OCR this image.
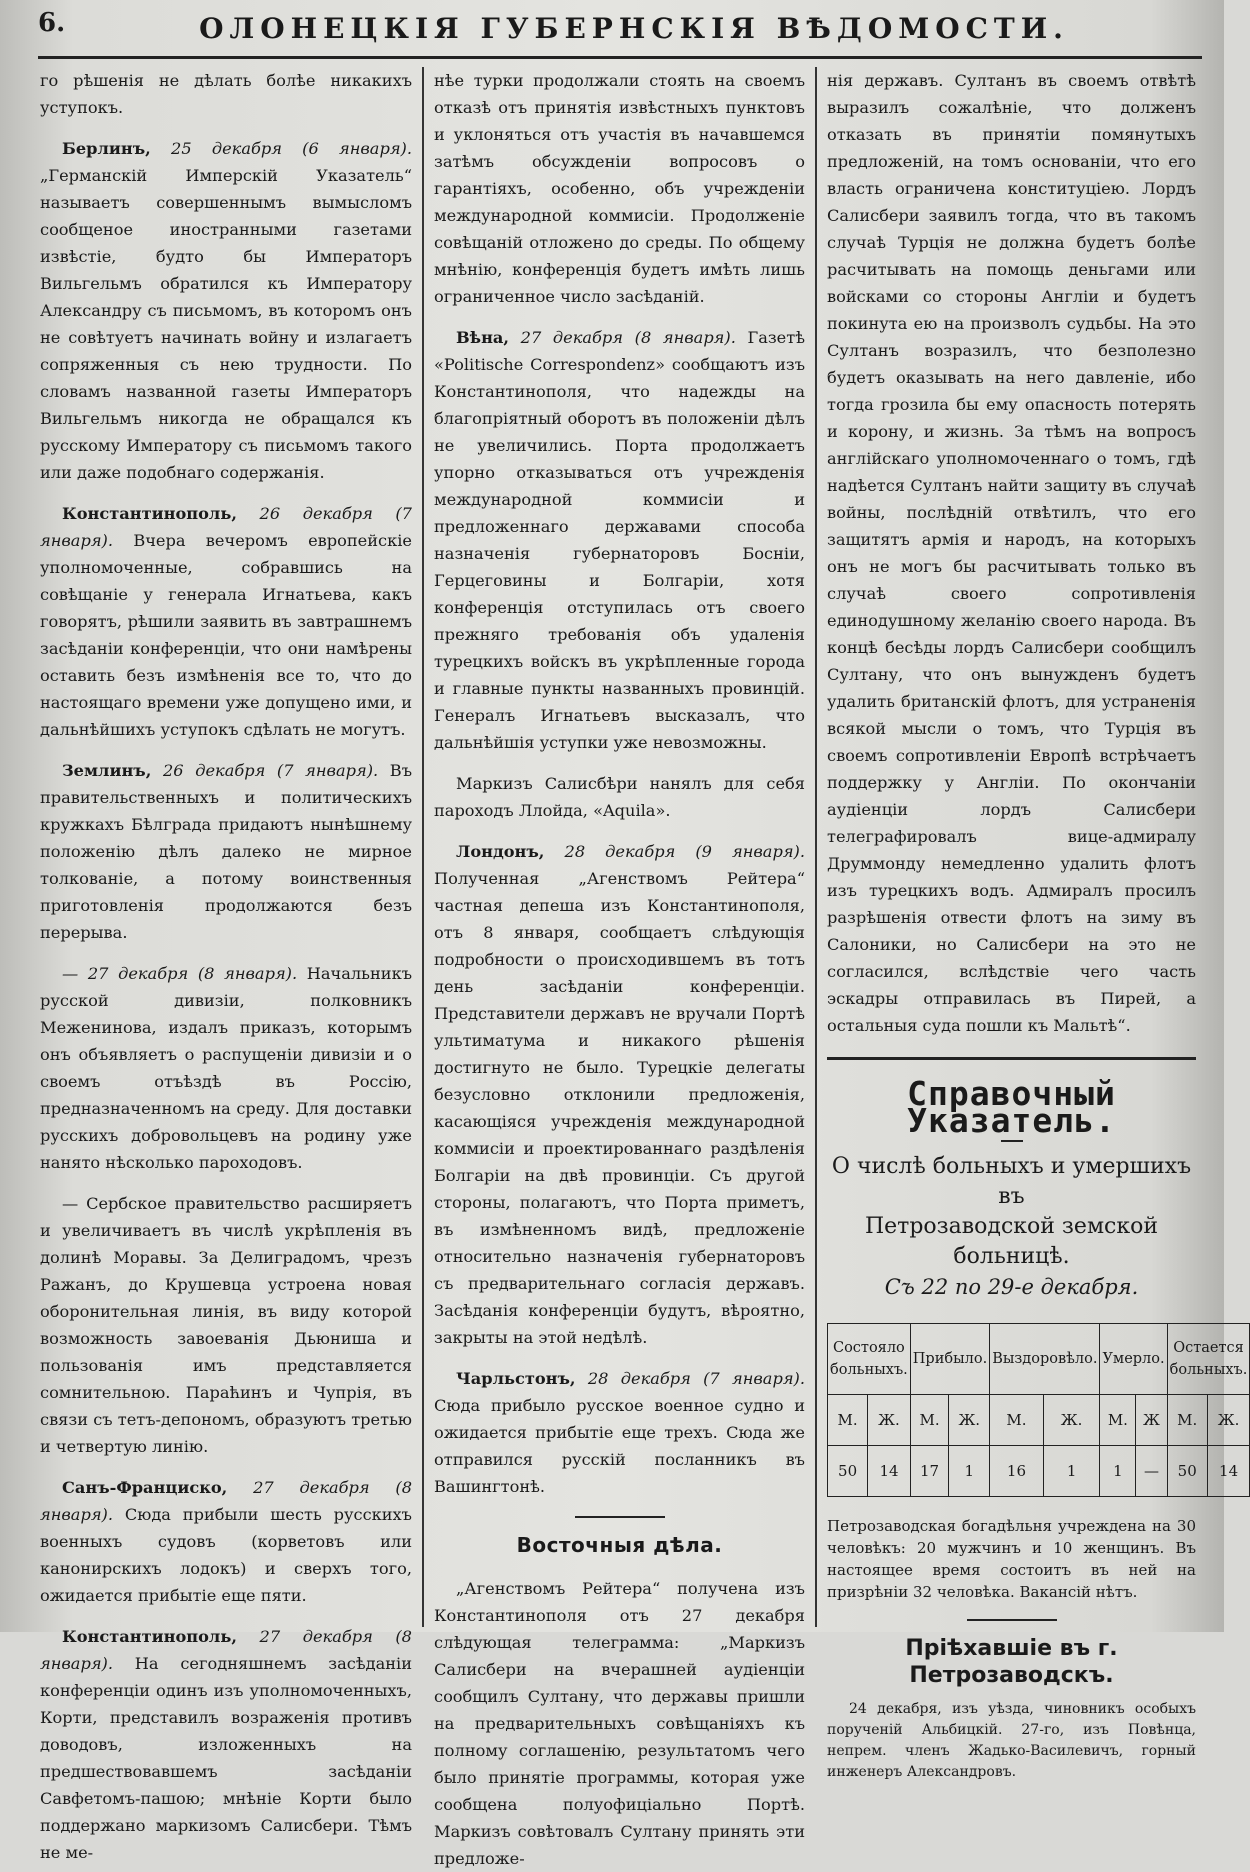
6.	ОЛОНЕЦКІЯ ГУБЕРНСКІЯ ВѢДОМОСТИ.

го рѣшенія не дѣлать болѣе никакихъ уступокъ.

Берлинъ, 25 декабря (6 января). „Германскій Имперскій Указатель“ называетъ совершеннымъ вымысломъ сообщеное иностранными газетами извѣстіе, будто бы Императоръ Вильгельмъ обратился къ Императору Александру съ письмомъ, въ которомъ онъ не совѣтуетъ начинать войну и излагаетъ сопряженныя съ нею трудности. По словамъ названной газеты Императоръ Вильгельмъ никогда не обращался къ русскому Императору съ письмомъ такого или даже подобнаго содержанія.

Константинополь, 26 декабря (7 января). Вчера вечеромъ европейскіе уполномоченные, собравшись на совѣщаніе у генерала Игнатьева, какъ говорятъ, рѣшили заявить въ завтрашнемъ засѣданіи конференціи, что они намѣрены оставить безъ измѣненія все то, что до настоящаго времени уже допущено ими, и дальнѣйшихъ уступокъ сдѣлать не могутъ.

Землинъ, 26 декабря (7 января). Въ правительственныхъ и политическихъ кружкахъ Бѣлграда придаютъ нынѣшнему положенію дѣлъ далеко не мирное толкованіе, а потому воинственныя приготовленія продолжаются безъ перерыва.

— 27 декабря (8 января). Начальникъ русской дивизіи, полковникъ Меженинова, издалъ приказъ, которымъ онъ объявляетъ о распущеніи дивизіи и о своемъ отъѣздѣ въ Россію, предназначенномъ на среду. Для доставки русскихъ добровольцевъ на родину уже нанято нѣсколько пароходовъ.

— Сербское правительство расширяетъ и увеличиваетъ въ числѣ укрѣпленія въ долинѣ Моравы. За Делиградомъ, чрезъ Ражанъ, до Крушевца устроена новая оборонительная линія, въ виду которой возможность завоеванія Дьюниша и пользованія имъ представляется сомнительною. Параћинъ и Чупрія, въ связи съ тетъ-депономъ, образуютъ третью и четвертую линію.

Санъ-Франциско, 27 декабря (8 января). Сюда прибыли шесть русскихъ военныхъ судовъ (корветовъ или канонирскихъ лодокъ) и сверхъ того, ожидается прибытіе еще пяти.

Константинополь, 27 декабря (8 января). На сегодняшнемъ засѣданіи конференціи одинъ изъ уполномоченныхъ, Корти, представилъ возраженія противъ доводовъ, изложенныхъ на предшествовавшемъ засѣданіи Савфетомъ-пашою; мнѣніе Корти было поддержано маркизомъ Салисбери. Тѣмъ не ме-

нѣе турки продолжали стоять на своемъ отказѣ отъ принятія извѣстныхъ пунктовъ и уклоняться отъ участія въ начавшемся затѣмъ обсужденіи вопросовъ о гарантіяхъ, особенно, объ учрежденіи международной коммисіи. Продолженіе совѣщаній отложено до среды. По общему мнѣнію, конференція будетъ имѣть лишь ограниченное число засѣданій.

Вѣна, 27 декабря (8 января). Газетѣ «Politische Correspondenz» сообщаютъ изъ Константинополя, что надежды на благопріятный оборотъ въ положеніи дѣлъ не увеличились. Порта продолжаетъ упорно отказываться отъ учрежденія международной коммисіи и предложеннаго державами способа назначенія губернаторовъ Босніи, Герцеговины и Болгаріи, хотя конференція отступилась отъ своего прежняго требованія объ удаленія турецкихъ войскъ въ укрѣпленные города и главные пункты названныхъ провинцій. Генералъ Игнатьевъ высказалъ, что дальнѣйшія уступки уже невозможны.

Маркизъ Салисбѣри нанялъ для себя пароходъ Ллойда, «Aquila».

Лондонъ, 28 декабря (9 января). Полученная „Агенствомъ Рейтера“ частная депеша изъ Константинополя, отъ 8 января, сообщаетъ слѣдующія подробности о происходившемъ въ тотъ день засѣданіи конференціи. Представители державъ не вручали Портѣ ультиматума и никакого рѣшенія достигнуто не было. Турецкіе делегаты безусловно отклонили предложенія, касающіяся учрежденія международной коммисіи и проектированнаго раздѣленія Болгаріи на двѣ провинціи. Съ другой стороны, полагаютъ, что Порта приметъ, въ измѣненномъ видѣ, предложеніе относительно назначенія губернаторовъ съ предварительнаго согласія державъ. Засѣданія конференціи будутъ, вѣроятно, закрыты на этой недѣлѣ.

Чарльстонъ, 28 декабря (7 января). Сюда прибыло русское военное судно и ожидается прибытіе еще трехъ. Сюда же отправился русскій посланникъ въ Вашингтонѣ.

Восточныя дѣла.

„Агенствомъ Рейтера“ получена изъ Константинополя отъ 27 декабря слѣдующая телеграмма: „Маркизъ Салисбери на вчерашней аудіенціи сообщилъ Султану, что державы пришли на предварительныхъ совѣщаніяхъ къ полному соглашенію, результатомъ чего было принятіе программы, которая уже сообщена полуофиціально Портѣ. Маркизъ совѣтовалъ Султану принять эти предложе-

нія державъ. Султанъ въ своемъ отвѣтѣ выразилъ сожалѣніе, что долженъ отказать въ принятіи помянутыхъ предложеній, на томъ основаніи, что его власть ограничена конституціею. Лордъ Салисбери заявилъ тогда, что въ такомъ случаѣ Турція не должна будетъ болѣе расчитывать на помощь деньгами или войсками со стороны Англіи и будетъ покинута ею на произволъ судьбы. На это Султанъ возразилъ, что безполезно будетъ оказывать на него давленіе, ибо тогда грозила бы ему опасность потерять и корону, и жизнь. За тѣмъ на вопросъ англійскаго уполномоченнаго о томъ, гдѣ надѣется Султанъ найти защиту въ случаѣ войны, послѣдній отвѣтилъ, что его защитятъ армія и народъ, на которыхъ онъ не могъ бы расчитывать только въ случаѣ своего сопротивленія единодушному желанію своего народа. Въ концѣ бесѣды лордъ Салисбери сообщилъ Султану, что онъ вынужденъ будетъ удалить британскій флотъ, для устраненія всякой мысли о томъ, что Турція въ своемъ сопротивленіи Европѣ встрѣчаетъ поддержку у Англіи. По окончаніи аудіенціи лордъ Салисбери телеграфировалъ вице-адмиралу Друммонду немедленно удалить флотъ изъ турецкихъ водъ. Адмиралъ просилъ разрѣшенія отвести флотъ на зиму въ Салоники, но Салисбери на это не согласился, вслѣдствіе чего часть эскадры отправилась въ Пирей, а остальныя суда пошли къ Мальтѣ“.

Справочный Указатель.
О числѣ больныхъ и умершихъ въ
Петрозаводской земской больницѣ.
Съ 22 по 29-е декабря.
Состояло больныхъ.		Прибыло.		Выздоровѣло.		Умерло.		Остается больныхъ.	
М.	Ж.	М.	Ж.	М.	Ж.	М.	Ж	М.	Ж.
50	14	17	1	16	1	1	—	50	14
Петрозаводская богадѣльня учреждена на 30 человѣкъ: 20 мужчинъ и 10 женщинъ. Въ настоящее время состоитъ въ ней на призрѣніи 32 человѣка. Вакансій нѣтъ.
Пріѣхавшіе въ г. Петрозаводскъ.

24 декабря, изъ уѣзда, чиновникъ особыхъ порученій Альбицкій. 27-го, изъ Повѣнца, непрем. членъ Жадько-Василевичъ, горный инженеръ Александровъ.
